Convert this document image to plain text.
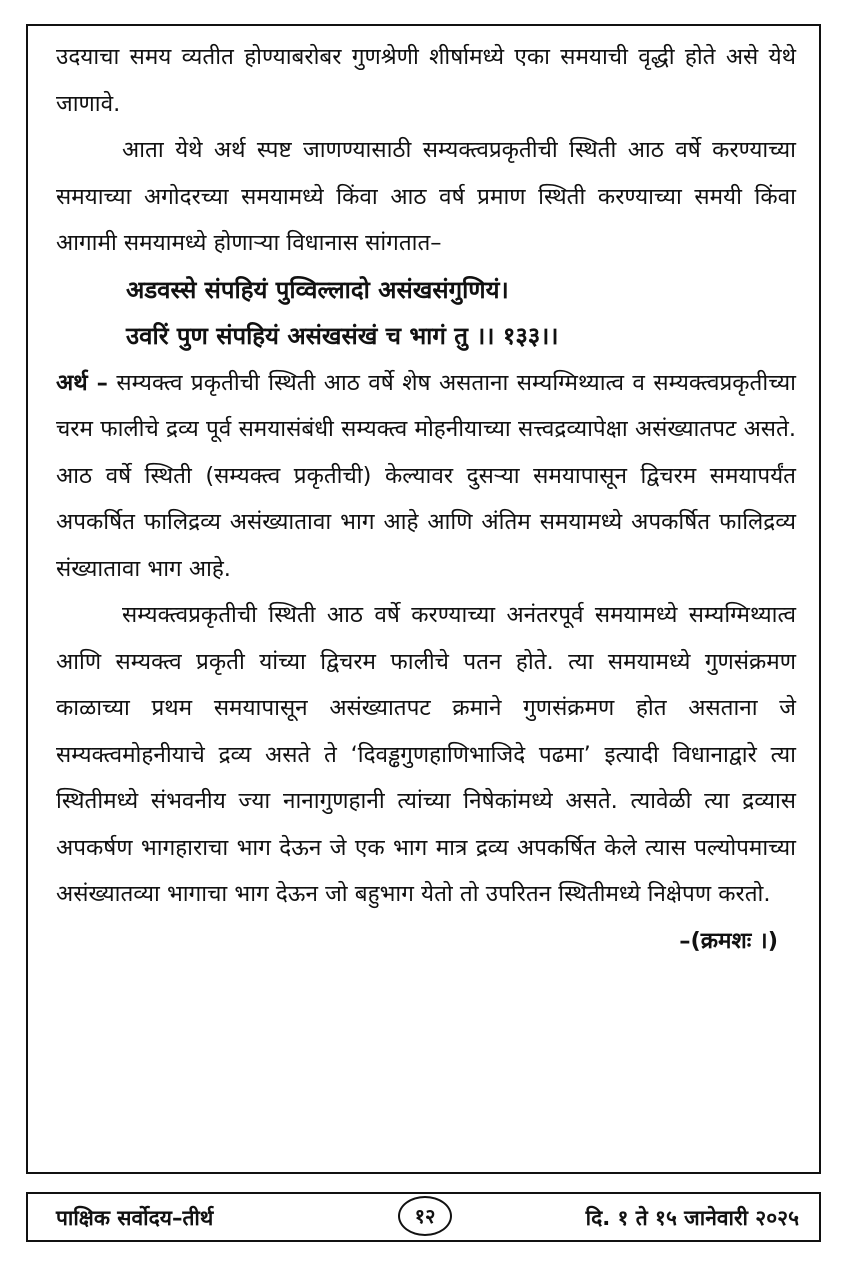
उदयाचा समय व्यतीत होण्याबरोबर गुणश्रेणी शीर्षामध्ये एका समयाची वृद्धी होते असे येथे जाणावे.

आता येथे अर्थ स्पष्ट जाणण्यासाठी सम्यक्त्वप्रकृतीची स्थिती आठ वर्षे करण्याच्या समयाच्या अगोदरच्या समयामध्ये किंवा आठ वर्ष प्रमाण स्थिती करण्याच्या समयी किंवा आगामी समयामध्ये होणाऱ्या विधानास सांगतात–

अडवस्से संपहियं पुव्विल्लादो असंखसंगुणियं।

उवरिं पुण संपहियं असंखसंखं च भागं तु ।। १३३।।

अर्थ – सम्यक्त्व प्रकृतीची स्थिती आठ वर्षे शेष असताना सम्यग्मिथ्यात्व व सम्यक्त्वप्रकृतीच्या चरम फालीचे द्रव्य पूर्व समयासंबंधी सम्यक्त्व मोहनीयाच्या सत्त्वद्रव्यापेक्षा असंख्यातपट असते. आठ वर्षे स्थिती (सम्यक्त्व प्रकृतीची) केल्यावर दुसऱ्या समयापासून द्विचरम समयापर्यंत अपकर्षित फालिद्रव्य असंख्यातावा भाग आहे आणि अंतिम समयामध्ये अपकर्षित फालिद्रव्य संख्यातावा भाग आहे.

सम्यक्त्वप्रकृतीची स्थिती आठ वर्षे करण्याच्या अनंतरपूर्व समयामध्ये सम्यग्मिथ्यात्व आणि सम्यक्त्व प्रकृती यांच्या द्विचरम फालीचे पतन होते. त्या समयामध्ये गुणसंक्रमण काळाच्या प्रथम समयापासून असंख्यातपट क्रमाने गुणसंक्रमण होत असताना जे सम्यक्त्वमोहनीयाचे द्रव्य असते ते ‘दिवड्ढगुणहाणिभाजिदे पढमा’ इत्यादी विधानाद्वारे त्या स्थितीमध्ये संभवनीय ज्या नानागुणहानी त्यांच्या निषेकांमध्ये असते. त्यावेळी त्या द्रव्यास अपकर्षण भागहाराचा भाग देऊन जे एक भाग मात्र द्रव्य अपकर्षित केले त्यास पल्योपमाच्या असंख्यातव्या भागाचा भाग देऊन जो बहुभाग येतो तो उपरितन स्थितीमध्ये निक्षेपण करतो.

–(क्रमशः ।)

पाक्षिक सर्वोदय–तीर्थ	१२	दि. १ ते १५ जानेवारी २०२५
